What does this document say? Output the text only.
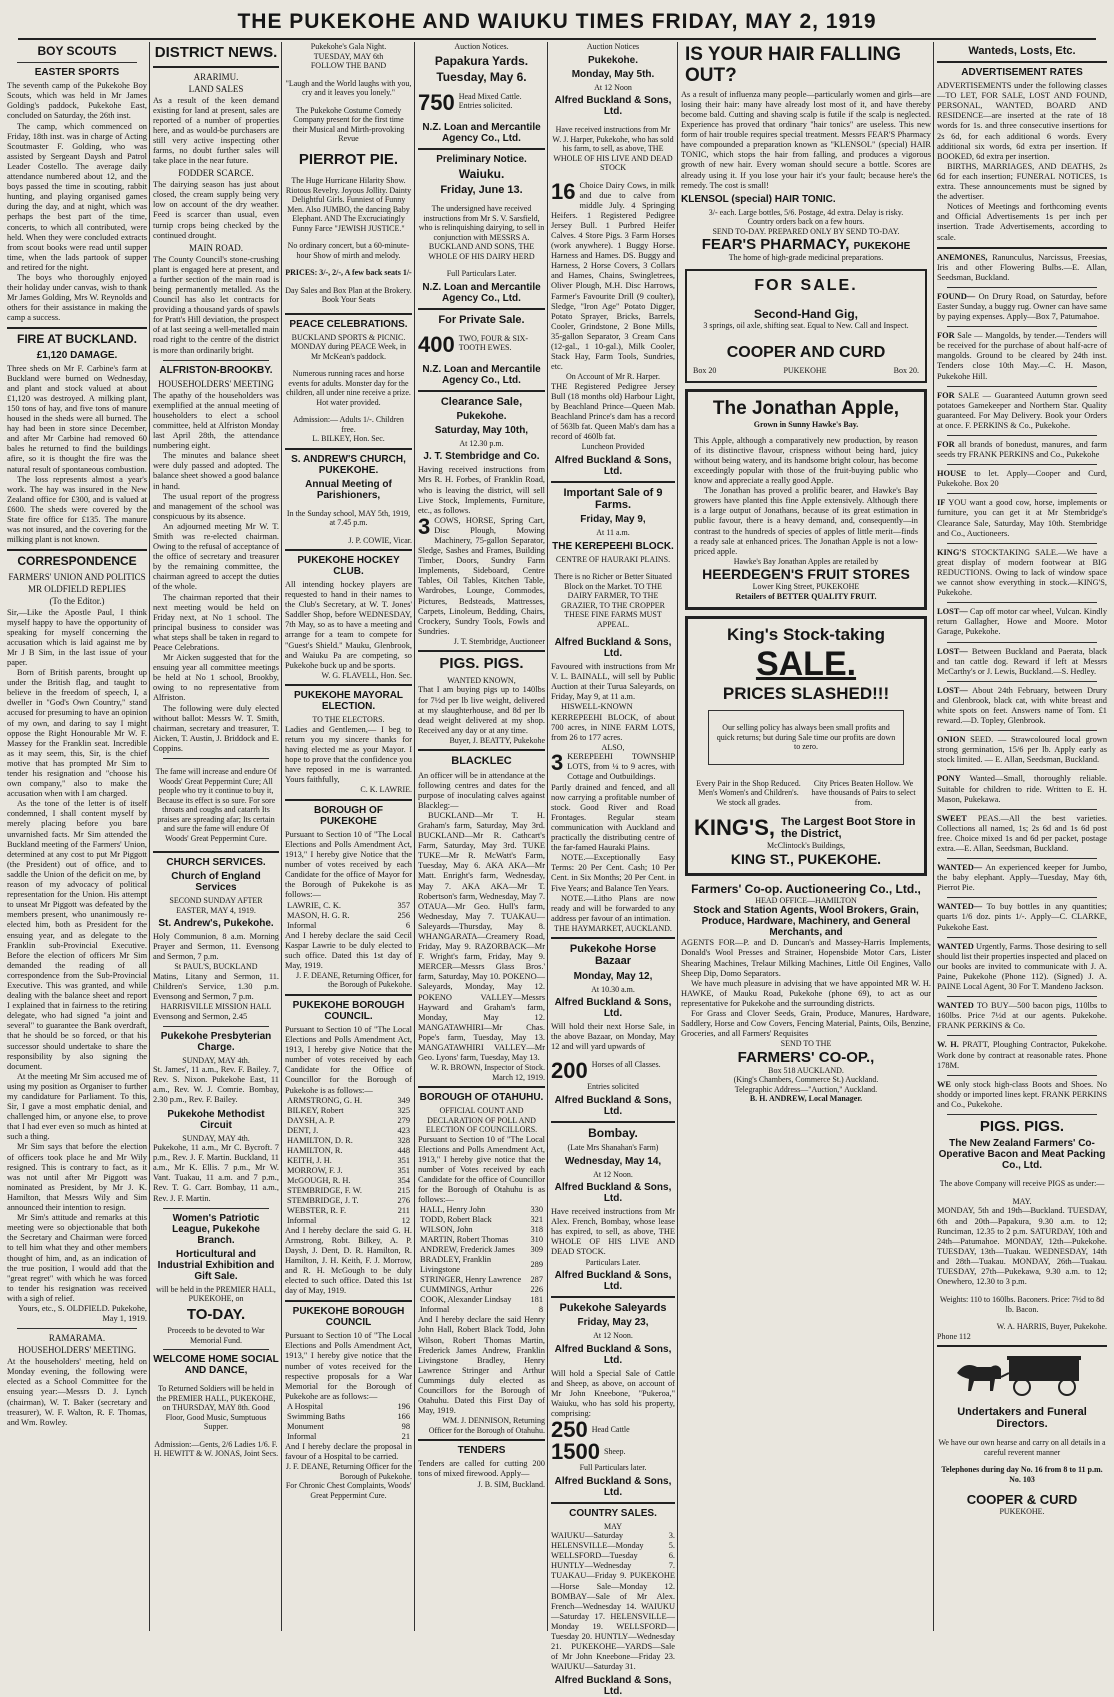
THE PUKEKOHE AND WAIUKU TIMES FRIDAY, MAY 2, 1919
BOY SCOUTS
EASTER SPORTS

The seventh camp of the Pukekohe Boy Scouts, which was held in Mr James Golding's paddock, Pukekohe East, concluded on Saturday, the 26th inst.

The camp, which commenced on Friday, 18th inst. was in charge of Acting Scoutmaster F. Golding, who was assisted by Sergeant Daysh and Patrol Leader Costello. The average daily attendance numbered about 12, and the boys passed the time in scouting, rabbit hunting, and playing organised games during the day, and at night, which was perhaps the best part of the time, concerts, to which all contributed, were held. When they were concluded extracts from scout books were read until supper time, when the lads partook of supper and retired for the night.

The boys who thoroughly enjoyed their holiday under canvas, wish to thank Mr James Golding, Mrs W. Reynolds and others for their assistance in making the camp a success.

FIRE AT BUCKLAND.
£1,120 DAMAGE.

Three sheds on Mr F. Carbine's farm at Buckland were burned on Wednesday, and plant and stock valued at about £1,120 was destroyed. A milking plant, 150 tons of hay, and five tons of manure housed in the sheds were all burned. The hay had been in store since December, and after Mr Carbine had removed 60 bales he returned to find the buildings afire, so it is thought the fire was the natural result of spontaneous combustion.

The loss represents almost a year's work. The hay was insured in the New Zealand office for £300, and is valued at £600. The sheds were covered by the State fire office for £135. The manure was not insured, and the covering for the milking plant is not known.

CORRESPONDENCE
FARMERS' UNION AND POLITICS
MR OLDFIELD REPLIES
(To the Editor.)

Sir,—Like the Apostle Paul, I think myself happy to have the opportunity of speaking for myself concerning the accusation which is laid against me by Mr J B Sim, in the last issue of your paper.

Born of British parents, brought up under the British flag, and taught to believe in the freedom of speech, I, a dweller in "God's Own Country," stand accused for presuming to have an opinion of my own, and daring to say I might oppose the Right Honourable Mr W. F. Massey for the Franklin seat. Incredible as it may seem, this, Sir, is the chief motive that has prompted Mr Sim to tender his resignation and "choose his own company," also to make the accusation when with I am charged.

As the tone of the letter is of itself condemned, I shall content myself by merely placing before you bare unvarnished facts. Mr Sim attended the Buckland meeting of the Farmers' Union, determined at any cost to put Mr Piggott (the President) out of office, and to saddle the Union of the deficit on me, by reason of my advocacy of political representation for the Union. His attempt to unseat Mr Piggott was defeated by the members present, who unanimously re-elected him, both as President for the ensuing year, and as delegate to the Franklin sub-Provincial Executive. Before the election of officers Mr Sim demanded the reading of all correspondence from the Sub-Provincial Executive. This was granted, and while dealing with the balance sheet and report I explained that in fairness to the retiring delegate, who had signed "a joint and several" to guarantee the Bank overdraft, that he should be so forced, or that his successor should undertake to share the responsibility by also signing the document.

At the meeting Mr Sim accused me of using my position as Organiser to further my candidature for Parliament. To this, Sir, I gave a most emphatic denial, and challenged him, or anyone else, to prove that I had ever even so much as hinted at such a thing.

Mr Sim says that before the election of officers took place he and Mr Wily resigned. This is contrary to fact, as it was not until after Mr Piggott was nominated as President, by Mr J. K. Hamilton, that Messrs Wily and Sim announced their intention to resign.

Mr Sim's attitude and remarks at this meeting were so objectionable that both the Secretary and Chairman were forced to tell him what they and other members thought of him, and, as an indication of the true position, I would add that the "great regret" with which he was forced to tender his resignation was received with a sigh of relief.

Yours, etc., S. OLDFIELD. Pukekohe, May 1, 1919.

RAMARAMA.
HOUSEHOLDERS' MEETING.

At the householders' meeting, held on Monday evening, the following were elected as a School Committee for the ensuing year:—Messrs D. J. Lynch (chairman), W. T. Baker (secretary and treasurer), W. F. Walton, R. F. Thomas, and Wm. Rowley.

DISTRICT NEWS.
ARARIMU.
LAND SALES

As a result of the keen demand existing for land at present, sales are reported of a number of properties here, and as would-be purchasers are still very active inspecting other farms, no doubt further sales will take place in the near future.

FODDER SCARCE.

The dairying season has just about closed, the cream supply being very low on account of the dry weather. Feed is scarcer than usual, even turnip crops being checked by the continued drought.

MAIN ROAD.

The County Council's stone-crushing plant is engaged here at present, and a further section of the main road is being permanently metalled. As the Council has also let contracts for providing a thousand yards of spawls for Pratt's Hill deviation, the prospect of at last seeing a well-metalled main road right to the centre of the district is more than ordinarily bright.

ALFRISTON-BROOKBY.
HOUSEHOLDERS' MEETING

The apathy of the householders was exemplified at the annual meeting of householders to elect a school committee, held at Alfriston Monday last April 28th, the attendance numbering eight.

The minutes and balance sheet were duly passed and adopted. The balance sheet showed a good balance in hand.

The usual report of the progress and management of the school was conspicuous by its absence.

An adjourned meeting Mr W. T. Smith was re-elected chairman. Owing to the refusal of acceptance of the office of secretary and treasurer by the remaining committee, the chairman agreed to accept the duties of the whole.

The chairman reported that their next meeting would be held on Friday next, at No 1 school. The principal business to consider was what steps shall be taken in regard to Peace Celebrations.

Mr Aicken suggested that for the ensuing year all committee meetings be held at No 1 school, Brookby, owing to no representative from Alfriston.

The following were duly elected without ballot: Messrs W. T. Smith, chairman, secretary and treasurer, T. Aicken, T. Austin, J. Briddock and E. Coppins.

The fame will increase and endure Of Woods' Great Peppermint Cure; All people who try it continue to buy it, Because its effect is so sure. For sore throats and coughs and catarrh Its praises are spreading afar; Its certain and sure the fame will endure Of Woods' Great Peppermint Cure.

CHURCH SERVICES.
Church of England Services
SECOND SUNDAY AFTER EASTER, MAY 4, 1919.
St. Andrew's, Pukekohe.

Holy Communion, 8 a.m. Morning Prayer and Sermon, 11. Evensong and Sermon, 7 p.m.

St PAUL'S, BUCKLAND

Matins, Litany and Sermon, 11. Children's Service, 1.30 p.m. Evensong and Sermon, 7 p.m.

HARRISVILLE MISSION HALL

Evensong and Sermon, 2.45

Pukekohe Presbyterian Charge.
SUNDAY, MAY 4th.

St. James', 11 a.m., Rev. F. Bailey. 7, Rev. S. Nixon. Pukekohe East, 11 a.m., Rev. W. J. Comrie. Bombay, 2.30 p.m., Rev. F. Bailey.

Pukekohe Methodist Circuit
SUNDAY, MAY 4th.

Pukekohe, 11 a.m., Mr C. Bycroft. 7 p.m., Rev. J. F. Martin. Buckland, 11 a.m., Mr K. Ellis. 7 p.m., Mr W. Vant. Tuakau, 11 a.m. and 7 p.m., Rev. T. G. Carr. Bombay, 11 a.m., Rev. J. F. Martin.

Women's Patriotic League, Pukekohe Branch.
Horticultural and Industrial Exhibition and Gift Sale.
will be held in the PREMIER HALL, PUKEKOHE, on
TO-DAY.
Proceeds to be devoted to War Memorial Fund.
WELCOME HOME SOCIAL AND DANCE,

To Returned Soldiers will be held in the PREMIER HALL, PUKEKOHE, on THURSDAY, MAY 8th. Good Floor, Good Music, Sumptuous Supper.

Admission:—Gents, 2/6 Ladies 1/6. F. H. HEWITT & W. JONAS, Joint Secs.

Pukekohe's Gala Night.
TUESDAY, MAY 6th
FOLLOW THE BAND

"Laugh and the World laughs with you, cry and it leaves you lonely."

The Pukekohe Costume Comedy Company present for the first time their Musical and Mirth-provoking Revue

PIERROT PIE.

The Huge Hurricane Hilarity Show. Riotous Revelry. Joyous Jollity. Dainty Delightful Girls. Funniest of Funny Men. Also JUMBO, the dancing Baby Elephant. AND The Excruciatingly Funny Farce "JEWISH JUSTICE."

No ordinary concert, but a 60-minute-hour Show of mirth and melody.

PRICES: 3/-, 2/-, A few back seats 1/-

Day Sales and Box Plan at the Brokery. Book Your Seats

PEACE CELEBRATIONS.
BUCKLAND SPORTS & PICNIC.
MONDAY during PEACE Week, in Mr McKean's paddock.

Numerous running races and horse events for adults. Monster day for the children, all under nine receive a prize. Hot water provided.

Admission:— Adults 1/-. Children free.
L. BILKEY, Hon. Sec.
S. ANDREW'S CHURCH, PUKEKOHE.
Annual Meeting of Parishioners,

In the Sunday school, MAY 5th, 1919, at 7.45 p.m.

J. P. COWIE, Vicar.
PUKEKOHE HOCKEY CLUB.

All intending hockey players are requested to hand in their names to the Club's Secretary, at W. T. Jones' Saddler Shop, before WEDNESDAY, 7th May, so as to have a meeting and arrange for a team to compete for "Guest's Shield." Mauku, Glenbrook, and Waiuku Pa are competing, so Pukekohe buck up and be sports.

W. G. FLAVELL, Hon. Sec.
PUKEKOHE MAYORAL ELECTION.
TO THE ELECTORS.

Ladies and Gentlemen,— I beg to return you my sincere thanks for having elected me as your Mayor. I hope to prove that the confidence you have reposed in me is warranted. Yours faithfully,

C. K. LAWRIE.
BOROUGH OF PUKEKOHE

Pursuant to Section 10 of "The Local Elections and Polls Amendment Act, 1913," I hereby give Notice that the number of votes received by each Candidate for the office of Mayor for the Borough of Pukekohe is as follows:—

LAWRIE, C. K.	357
MASON, H. G. R.	256
Informal	6

And I hereby declare the said Cecil Kaspar Lawrie to be duly elected to such office. Dated this 1st day of May, 1919.

J. F. DEANE, Returning Officer, for the Borough of Pukekohe.
PUKEKOHE BOROUGH COUNCIL.

Pursuant to Section 10 of "The Local Elections and Polls Amendment Act, 1913, I hereby give Notice that the number of votes received by each Candidate for the Office of Councillor for the Borough of Pukekohe is as follows:—

ARMSTRONG, G. H.	349
BILKEY, Robert	325
DAYSH, A. P.	279
DENT, J.	423
HAMILTON, D. R.	328
HAMILTON, R.	448
KEITH, J. H.	351
MORROW, F. J.	351
McGOUGH, R. H.	354
STEMBRIDGE, F. W.	215
STEMBRIDGE, J. T.	276
WEBSTER, R. F.	211
Informal	12

And I hereby declare the said G. H. Armstrong, Robt. Bilkey, A. P. Daysh, J. Dent, D. R. Hamilton, R. Hamilton, J. H. Keith, F. J. Morrow, and R. H. McGough to be duly elected to such office. Dated this 1st day of May, 1919.

PUKEKOHE BOROUGH COUNCIL

Pursuant to Section 10 of "The Local Elections and Polls Amendment Act, 1913," I hereby give notice that the number of votes received for the respective proposals for a War Memorial for the Borough of Pukekohe are as follows:—

A Hospital	196
Swimming Baths	166
Monument	98
Informal	21

And I hereby declare the proposal in favour of a Hospital to be carried.

J. F. DEANE, Returning Officer for the Borough of Pukekohe.
For Chronic Chest Complaints, Woods' Great Peppermint Cure.
Auction Notices.
Papakura Yards.
Tuesday, May 6.
750 Head Mixed Cattle. Entries solicited.

N.Z. Loan and Mercantile Agency Co., Ltd.
Preliminary Notice.
Waiuku.
Friday, June 13.

The undersigned have received instructions from Mr S. V. Sarsfield, who is relinquishing dairying, to sell in conjunction with MESSRS A. BUCKLAND AND SONS, THE WHOLE OF HIS DAIRY HERD

Full Particulars Later.
N.Z. Loan and Mercantile Agency Co., Ltd.
For Private Sale.
400 TWO, FOUR & SIX-TOOTH EWES.

N.Z. Loan and Mercantile Agency Co., Ltd.
Clearance Sale,
Pukekohe.
Saturday, May 10th,
At 12.30 p.m.
J. T. Stembridge and Co.

Having received instructions from Mrs R. H. Forbes, of Franklin Road, who is leaving the district, will sell Live Stock, Implements, Furniture, etc., as follows.

3 COWS, HORSE, Spring Cart, Disc Plough, Mowing Machinery, 75-gallon Separator, Sledge, Sashes and Frames, Building Timber, Doors, Sundry Farm Implements, Sideboard, Centre Tables, Oil Tables, Kitchen Table, Wardrobes, Lounge, Commodes, Pictures, Bedsteads, Mattresses, Carpets, Linoleum, Bedding, Chairs, Crockery, Sundry Tools, Fowls and Sundries.

J. T. Stembridge, Auctioneer
PIGS. PIGS.
WANTED KNOWN,

That I am buying pigs up to 140lbs for 7½d per lb live weight, delivered at my slaughterhouse, and 8d per lb dead weight delivered at my shop. Received any day or at any time.

Buyer, J. BEATTY, Pukekohe
BLACKLEC

An officer will be in attendance at the following centres and dates for the purpose of inoculating calves against Blackleg:—

BUCKLAND—Mr T. H. Graham's farm, Saturday, May 3rd. BUCKLAND—Mr R. Cathcart's Farm, Saturday, May 3rd. TUKE TUKE—Mr R. McWatt's Farm, Tuesday, May 6. AKA AKA—Mr Matt. Enright's farm, Wednesday, May 7. AKA AKA—Mr T. Robertson's farm, Wednesday, May 7. OTAUA—Mr Geo. Hull's farm, Wednesday, May 7. TUAKAU—Saleyards—Thursday, May 8. WHANGARATA—Creamery Road, Friday, May 9. RAZORBACK—Mr F. Wright's farm, Friday, May 9. MERCER—Messrs Glass Bros.' farm, Saturday, May 10. POKENO—Saleyards, Monday, May 12. POKENO VALLEY—Messrs Hayward and Graham's farm, Monday, May 12. MANGATAWHIRI—Mr Chas. Pope's farm, Tuesday, May 13. MANGATAWHIRI VALLEY—Mr Geo. Lyons' farm, Tuesday, May 13.

W. R. BROWN, Inspector of Stock. March 12, 1919.
BOROUGH OF OTAHUHU.
OFFICIAL COUNT AND DECLARATION OF POLL AND ELECTION OF COUNCILLORS.

Pursuant to Section 10 of "The Local Elections and Polls Amendment Act, 1913," I hereby give notice that the number of Votes received by each Candidate for the office of Councillor for the Borough of Otahuhu is as follows:—

HALL, Henry John	330
TODD, Robert Black	321
WILSON, John	318
MARTIN, Robert Thomas	310
ANDREW, Frederick James	309
BRADLEY, Franklin Livingstone	289
STRINGER, Henry Lawrence	287
CUMMINGS, Arthur	226
COOK, Alexander Lindsay	181
Informal	8

And I hereby declare the said Henry John Hall, Robert Black Todd, John Wilson, Robert Thomas Martin, Frederick James Andrew, Franklin Livingstone Bradley, Henry Lawrence Stringer and Arthur Cummings duly elected as Councillors for the Borough of Otahuhu. Dated this First Day of May, 1919.

WM. J. DENNISON, Returning Officer for the Borough of Otahuhu.
TENDERS

Tenders are called for cutting 200 tons of mixed firewood. Apply—

J. B. SIM, Buckland.
Auction Notices
Pukekohe.
Monday, May 5th.
At 12 Noon
Alfred Buckland & Sons, Ltd.

Have received instructions from Mr W. J. Harper, Pukekohe, who has sold his farm, to sell, as above, THE WHOLE OF HIS LIVE AND DEAD STOCK

16 Choice Dairy Cows, in milk and due to calve from middle July. 4 Springing Heifers. 1 Registered Pedigree Jersey Bull. 1 Purbred Heifer Calves. 4 Store Pigs. 3 Farm Horses (work anywhere). 1 Buggy Horse. Harness and Hames. DS. Buggy and Harness, 2 Horse Covers, 3 Collars and Hames, Chains, Swingletrees, Oliver Plough, M.H. Disc Harrows, Farmer's Favourite Drill (9 coulter), Sledge, "Iron Age" Potato Digger, Potato Sprayer, Bricks, Barrels, Cooler, Grindstone, 2 Bone Mills, 35-gallon Separator, 3 Cream Cans (12-gal., 1 10-gal.), Milk Cooler, Stack Hay, Farm Tools, Sundries, etc.

On Account of Mr R. Harper.

THE Registered Pedigree Jersey Bull (18 months old) Harbour Light, by Beachland Prince—Queen Mab. Beachland Prince's dam has a record of 563lb fat. Queen Mab's dam has a record of 460lb fat.

Luncheon Provided
Alfred Buckland & Sons, Ltd.
Important Sale of 9 Farms.
Friday, May 9,
At 11 a.m.
THE KEREPEEHI BLOCK.
CENTRE OF HAURAKI PLAINS.

There is no Richer or Better Situated Block on the Market. TO THE DAIRY FARMER, TO THE GRAZIER, TO THE CROPPER THESE FINE FARMS MUST APPEAL.

Alfred Buckland & Sons, Ltd.

Favoured with instructions from Mr V. L. BAINALL, will sell by Public Auction at their Turua Saleyards, on Friday, May 9, at 11 a.m.

HISWELL-KNOWN KERREPEEHI BLOCK, of about 700 acres, in NINE FARM LOTS, from 26 to 177 acres.

ALSO,
3 KEREPEEHI TOWNSHIP LOTS, from ¼ to 9 acres, with Cottage and Outbuildings.

Partly drained and fenced, and all now carrying a profitable number of stock. Good River and Road Frontages. Regular steam communication with Auckland and practically the distributing centre of the far-famed Hauraki Plains.

NOTE.—Exceptionally Easy Terms: 20 Per Cent. Cash; 10 Per Cent. in Six Months; 20 Per Cent. in Five Years; and Balance Ten Years.

NOTE.—Litho Plans are now ready and will be forwarded to any address per favour of an intimation.

THE HAYMARKET, AUCKLAND.
Pukekohe Horse Bazaar
Monday, May 12,
At 10.30 a.m.
Alfred Buckland & Sons, Ltd.

Will hold their next Horse Sale, in the above Bazaar, on Monday, May 12 and will yard upwards of

200 Horses of all Classes.

Entries solicited
Alfred Buckland & Sons, Ltd.
Bombay.
(Late Mrs Shanahan's Farm)
Wednesday, May 14,
At 12 Noon.
Alfred Buckland & Sons, Ltd.

Have received instructions from Mr Alex. French, Bombay, whose lease has expired, to sell, as above, THE WHOLE OF HIS LIVE AND DEAD STOCK.

Particulars Later.
Alfred Buckland & Sons, Ltd.
Pukekohe Saleyards
Friday, May 23,
At 12 Noon.
Alfred Buckland & Sons, Ltd.

Will hold a Special Sale of Cattle and Sheep, as above, on account of Mr John Kneebone, "Pukeroa," Waiuku, who has sold his property, comprising:

250 Head Cattle
1500 Sheep.
Full Particulars later.
Alfred Buckland & Sons, Ltd.
COUNTRY SALES.
MAY

WAIUKU—Saturday 3. HELENSVILLE—Monday 5. WELLSFORD—Tuesday 6. HUNTLY—Wednesday 7. TUAKAU—Friday 9. PUKEKOHE—Horse Sale—Monday 12. BOMBAY—Sale of Mr Alex. French—Wednesday 14. WAIUKU—Saturday 17. HELENSVILLE—Monday 19. WELLSFORD—Tuesday 20. HUNTLY—Wednesday 21. PUKEKOHE—YARDS—Sale of Mr John Kneebone—Friday 23. WAIUKU—Saturday 31.

Alfred Buckland & Sons, Ltd.
IS YOUR HAIR FALLING OUT?

As a result of influenza many people—particularly women and girls—are losing their hair: many have already lost most of it, and have thereby become bald. Cutting and shaving scalp is futile if the scalp is neglected. Experience has proved that ordinary "hair tonics" are useless. This new form of hair trouble requires special treatment. Messrs FEAR'S Pharmacy have compounded a preparation known as "KLENSOL" (special) HAIR TONIC, which stops the hair from falling, and produces a vigorous growth of new hair. Every woman should secure a bottle. Scores are already using it. If you lose your hair it's your fault; because here's the remedy. The cost is small!

KLENSOL (special) HAIR TONIC.
3/- each. Large bottles, 5/6. Postage, 4d extra. Delay is risky.
Country orders back on a few hours.
SEND TO-DAY. PREPARED ONLY BY SEND TO-DAY.
FEAR'S PHARMACY, PUKEKOHE
The home of high-grade medicinal preparations.
FOR SALE.
Second-Hand Gig,
3 springs, oil axle, shifting seat. Equal to New. Call and Inspect.
COOPER AND CURD
Box 20	PUKEKOHE	Box 20.
The Jonathan Apple,
Grown in Sunny Hawke's Bay.

This Apple, although a comparatively new production, by reason of its distinctive flavour, crispness without being hard, juicy without being watery, and its handsome bright colour, has become exceedingly popular with those of the fruit-buying public who know and appreciate a really good Apple.

The Jonathan has proved a prolific bearer, and Hawke's Bay growers have planted this fine Apple extensively. Although there is a large output of Jonathans, because of its great estimation in public favour, there is a heavy demand, and, consequently—in contrast to the hundreds of species of apples of little merit—finds a ready sale at enhanced prices. The Jonathan Apple is not a low-priced apple.

Hawke's Bay Jonathan Apples are retailed by
HEERDEGEN'S FRUIT STORES
Lower King Street, PUKEKOHE
Retailers of BETTER QUALITY FRUIT.
King's Stock-taking
SALE.
PRICES SLASHED!!!

Our selling policy has always been small profits and quick returns; but during Sale time our profits are down to zero.

Every Pair in the Shop Reduced. Men's Women's and Children's. We stock all grades.

City Prices Beaten Hollow. We have thousands of Pairs to select from.

KING'S, The Largest Boot Store in the District,
McClintock's Buildings,
KING ST., PUKEKOHE.
Farmers' Co-op. Auctioneering Co., Ltd.,
HEAD OFFICE—HAMILTON
Stock and Station Agents, Wool Brokers, Grain, Produce, Hardware, Machinery, and General Merchants, and

AGENTS FOR—P. and D. Duncan's and Massey-Harris Implements, Donald's Wool Presses and Strainer, Hopensbide Motor Cars, Lister Shearing Machines, Trelaur Milking Machines, Little Oil Engines, Vallo Sheep Dip, Domo Separators.

We have much pleasure in advising that we have appointed MR W. H. HAWKE, of Mauku Road, Pukekohe (phone 69), to act as our representative for Pukekohe and the surrounding districts.

For Grass and Clover Seeds, Grain, Produce, Manures, Hardware, Saddlery, Horse and Cow Covers, Fencing Material, Paints, Oils, Benzine, Groceries, and all Farmers' Requisites

SEND TO THE
FARMERS' CO-OP.,
Box 518 AUCKLAND.
(King's Chambers, Commerce St.) Auckland.
Telegraphic Address—"Auction," Auckland.
B. H. ANDREW, Local Manager.
Wanteds, Losts, Etc.
ADVERTISEMENT RATES

ADVERTISEMENTS under the following classes—TO LET, FOR SALE, LOST AND FOUND, PERSONAL, WANTED, BOARD AND RESIDENCE—are inserted at the rate of 18 words for 1s. and three consecutive insertions for 2s 6d, for each additional 6 words. Every additional six words, 6d extra per insertion. If BOOKED, 6d extra per insertion.

BIRTHS, MARRIAGES, AND DEATHS, 2s 6d for each insertion; FUNERAL NOTICES, 1s extra. These announcements must be signed by the advertiser.

Notices of Meetings and forthcoming events and Official Advertisements 1s per inch per insertion. Trade Advertisements, according to scale.

ANEMONES, Ranunculus, Narcissus, Freesias, Iris and other Flowering Bulbs.—E. Allan, Seedsman, Buckland.

FOUND— On Drury Road, on Saturday, before Easter Sunday, a buggy rug. Owner can have same by paying expenses. Apply—Box 7, Patumahoe.

FOR Sale — Mangolds, by tender.—Tenders will be received for the purchase of about half-acre of mangolds. Ground to be cleared by 24th inst. Tenders close 10th May.—C. H. Mason, Pukekohe Hill.

FOR SALE — Guaranteed Autumn grown seed potatoes Gamekeeper and Northern Star. Quality guaranteed. For May Delivery. Book your Orders at once. F. PERKINS & Co., Pukekohe.

FOR all brands of bonedust, manures, and farm seeds try FRANK PERKINS and Co., Pukekohe

HOUSE to let. Apply—Cooper and Curd, Pukekohe. Box 20

IF YOU want a good cow, horse, implements or furniture, you can get it at Mr Stembridge's Clearance Sale, Saturday, May 10th. Stembridge and Co., Auctioneers.

KING'S STOCKTAKING SALE.—We have a great display of modern footwear at BIG REDUCTIONS. Owing to lack of window space we cannot show everything in stock.—KING'S, Pukekohe.

LOST— Cap off motor car wheel, Vulcan. Kindly return Gallagher, Howe and Moore. Motor Garage, Pukekohe.

LOST— Between Buckland and Paerata, black and tan cattle dog. Reward if left at Messrs McCarthy's or J. Lewis, Buckland.—S. Hedley.

LOST— About 24th February, between Drury and Glenbrook, black cat, with white breast and white spots on feet. Answers name of Tom. £1 reward.—D. Topley, Glenbrook.

ONION SEED. — Strawcoloured local grown strong germination, 15/6 per lb. Apply early as stock limited. — E. Allan, Seedsman, Buckland.

PONY Wanted—Small, thoroughly reliable. Suitable for children to ride. Written to E. H. Mason, Pukekawa.

SWEET PEAS.—All the best varieties. Collections all named, 1s; 2s 6d and 1s 6d post free. Choice mixed 1s and 6d per packet, postage extra.—E. Allan, Seedsman, Buckland.

WANTED— An experienced keeper for Jumbo, the baby elephant. Apply—Tuesday, May 6th, Pierrot Pie.

WANTED— To buy bottles in any quantities; quarts 1/6 doz. pints 1/-. Apply—C. CLARKE, Pukekohe East.

WANTED Urgently, Farms. Those desiring to sell should list their properties inspected and placed on our books are invited to communicate with J. A. Paine, Pukekohe (Phone 112). (Signed) J. A. PAINE Local Agent, 30 For T. Mandeno Jackson.

WANTED TO BUY—500 bacon pigs, 110lbs to 160lbs. Price 7½d at our agents. Pukekohe. FRANK PERKINS & Co.

W. H. PRATT, Ploughing Contractor, Pukekohe. Work done by contract at reasonable rates. Phone 178M.

WE only stock high-class Boots and Shoes. No shoddy or imported lines kept. FRANK PERKINS and Co., Pukekohe.

PIGS. PIGS.
The New Zealand Farmers' Co-Operative Bacon and Meat Packing Co., Ltd.

The above Company will receive PIGS as under:—

MAY.

MONDAY, 5th and 19th—Buckland. TUESDAY, 6th and 20th—Papakura, 9.30 a.m. to 12; Runciman, 12.35 to 2 p.m. SATURDAY, 10th and 24th—Patumahoe. MONDAY, 12th—Pukekohe. TUESDAY, 13th—Tuakau. WEDNESDAY, 14th and 28th—Tuakau. MONDAY, 26th—Tuakau. TUESDAY, 27th—Pukekawa, 9.30 a.m. to 12; Onewhero, 12.30 to 3 p.m.

Weights: 110 to 160lbs. Baconers. Price: 7½d to 8d lb. Bacon.

W. A. HARRIS, Buyer, Pukekohe.
Phone 112
Undertakers and Funeral Directors.

We have our own hearse and carry on all details in a careful reverent manner

Telephones during day No. 16 from 8 to 11 p.m. No. 103

COOPER & CURD
PUKEKOHE.
